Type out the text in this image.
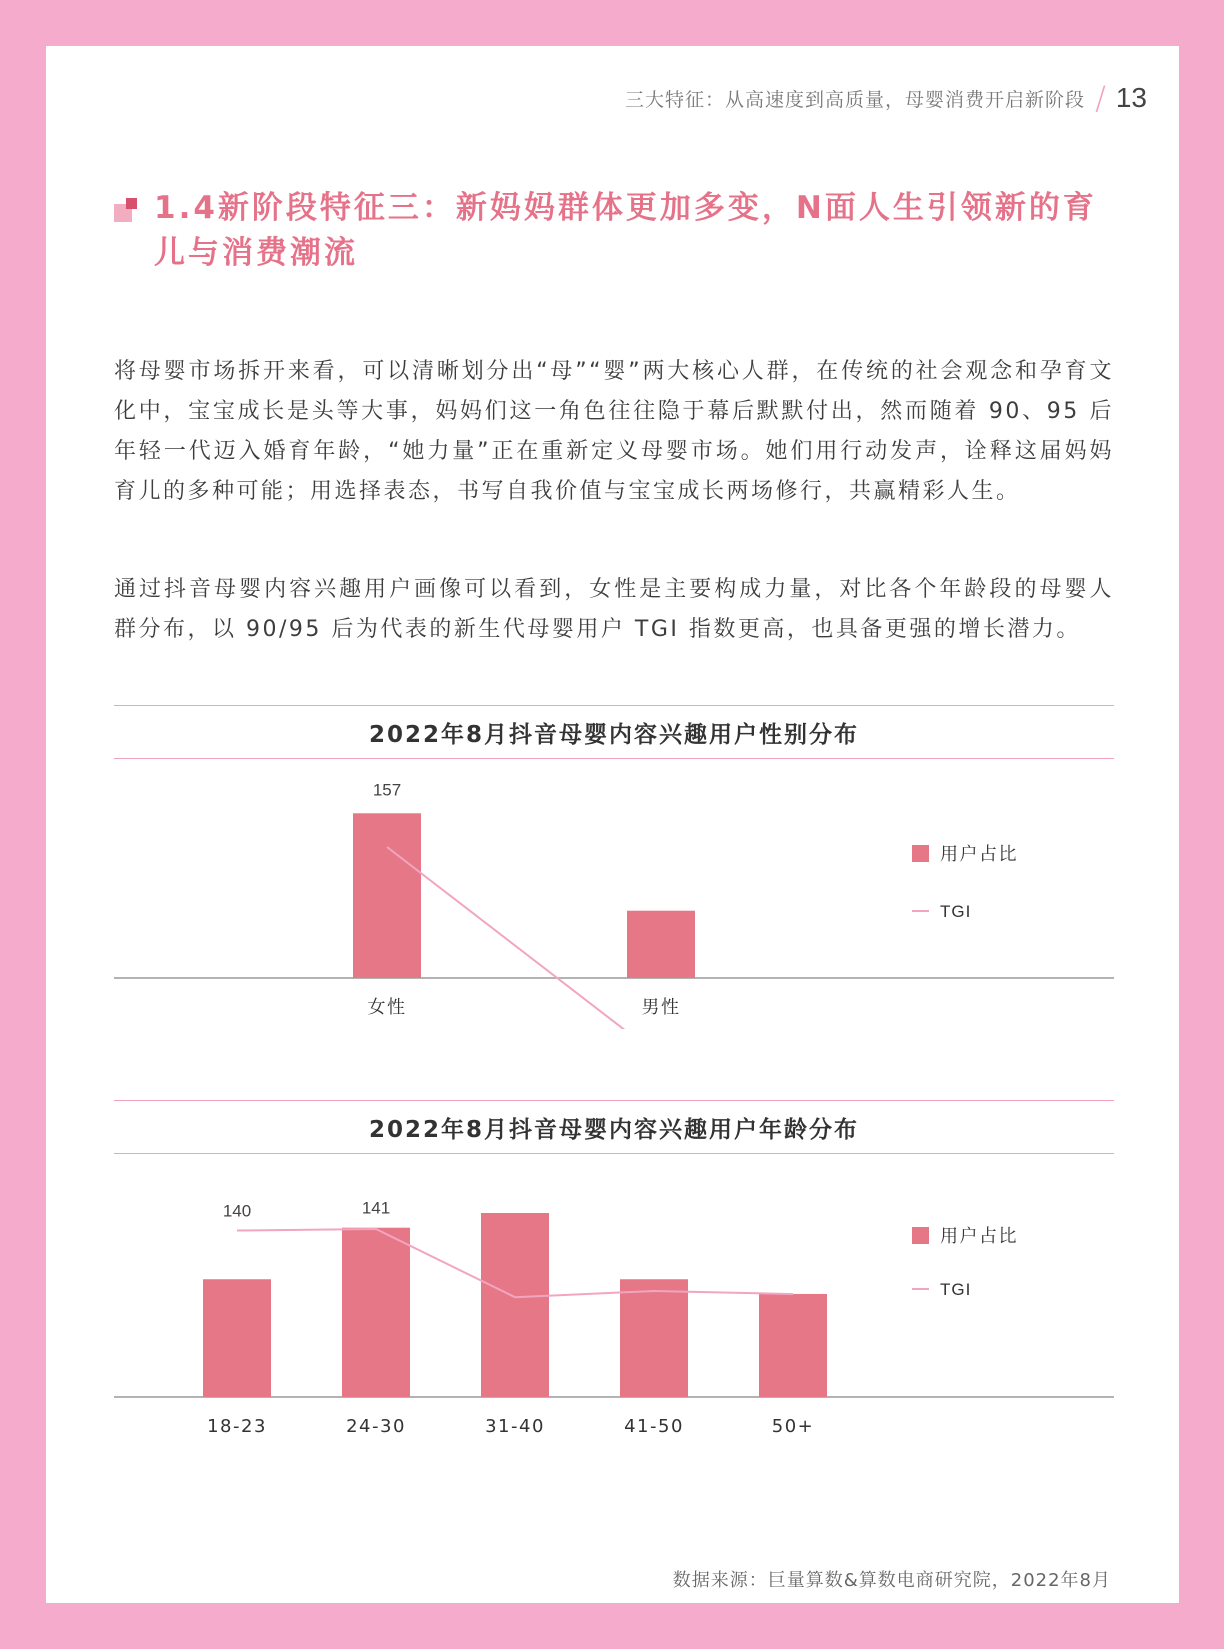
三大特征：从高速度到高质量，母婴消费开启新阶段 / 13
1.4新阶段特征三：新妈妈群体更加多变，N面人生引领新的育儿与消费潮流

将母婴市场拆开来看，可以清晰划分出“母”“婴”两大核心人群，在传统的社会观念和孕育文化中，宝宝成长是头等大事，妈妈们这一角色往往隐于幕后默默付出，然而随着 90、95 后年轻一代迈入婚育年龄，“她力量”正在重新定义母婴市场。她们用行动发声，诠释这届妈妈育儿的多种可能；用选择表态，书写自我价值与宝宝成长两场修行，共赢精彩人生。

通过抖音母婴内容兴趣用户画像可以看到，女性是主要构成力量，对比各个年龄段的母婴人群分布，以 90/95 后为代表的新生代母婴用户 TGI 指数更高，也具备更强的增长潜力。

2022年8月抖音母婴内容兴趣用户性别分布
157
女性	男性
用户占比
TGI
2022年8月抖音母婴内容兴趣用户年龄分布
140	141
18-23	24-30	31-40	41-50	50+
用户占比
TGI
数据来源：巨量算数&算数电商研究院，2022年8月
